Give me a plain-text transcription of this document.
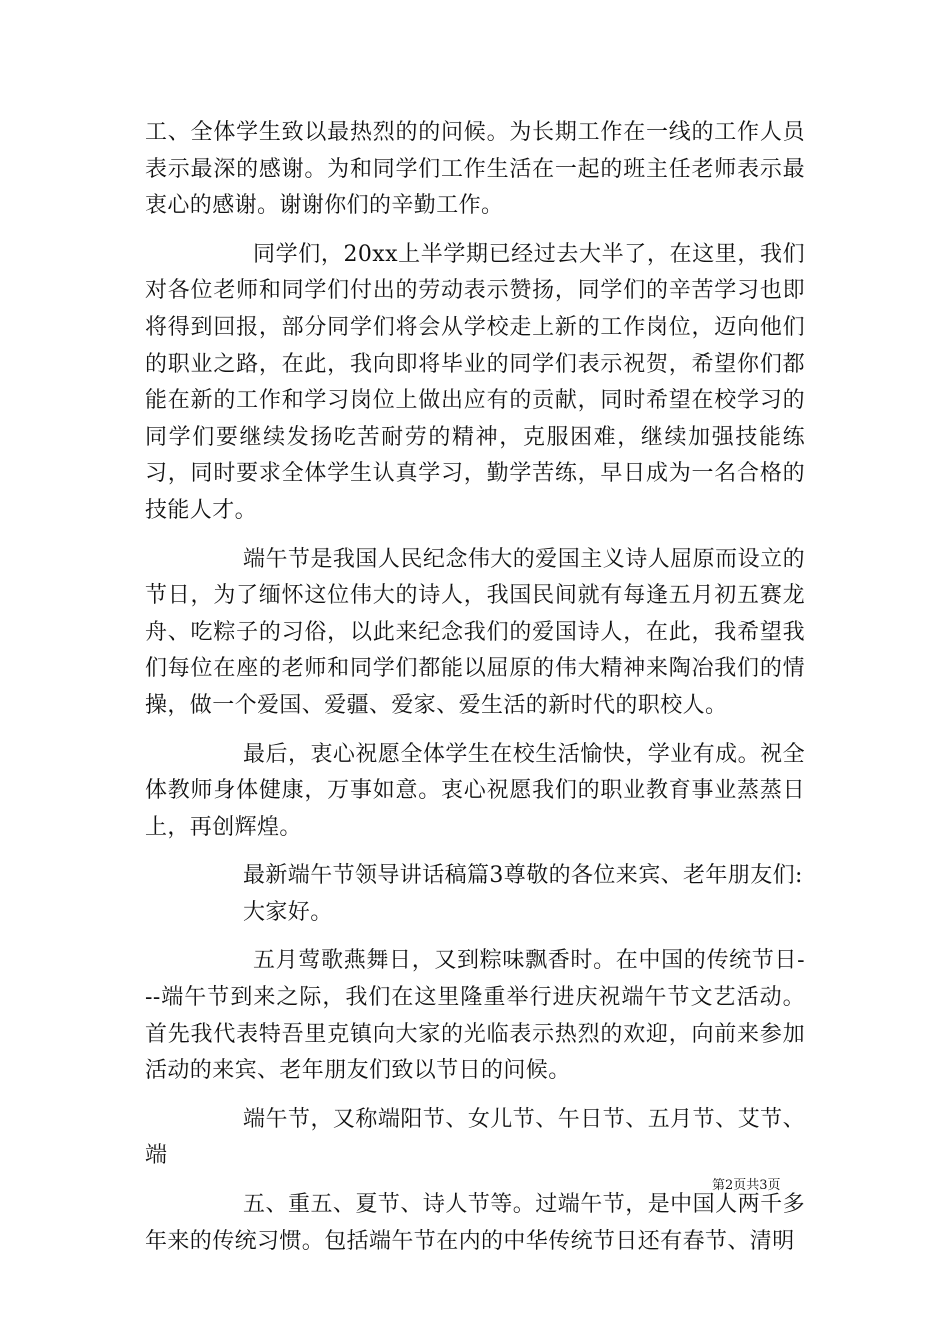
工、全体学生致以最热烈的的问候。为长期工作在一线的工作人员表示最深的感谢。为和同学们工作生活在一起的班主任老师表示最衷心的感谢。谢谢你们的辛勤工作。

同学们，20xx上半学期已经过去大半了，在这里，我们对各位老师和同学们付出的劳动表示赞扬，同学们的辛苦学习也即将得到回报，部分同学们将会从学校走上新的工作岗位，迈向他们的职业之路，在此，我向即将毕业的同学们表示祝贺，希望你们都能在新的工作和学习岗位上做出应有的贡献，同时希望在校学习的同学们要继续发扬吃苦耐劳的精神，克服困难，继续加强技能练习，同时要求全体学生认真学习，勤学苦练，早日成为一名合格的技能人才。

端午节是我国人民纪念伟大的爱国主义诗人屈原而设立的节日，为了缅怀这位伟大的诗人，我国民间就有每逢五月初五赛龙舟、吃粽子的习俗，以此来纪念我们的爱国诗人，在此，我希望我们每位在座的老师和同学们都能以屈原的伟大精神来陶冶我们的情操，做一个爱国、爱疆、爱家、爱生活的新时代的职校人。

最后，衷心祝愿全体学生在校生活愉快，学业有成。祝全体教师身体健康，万事如意。衷心祝愿我们的职业教育事业蒸蒸日上，再创辉煌。

最新端午节领导讲话稿篇3尊敬的各位来宾、老年朋友们:

大家好。

五月莺歌燕舞日，又到粽味飘香时。在中国的传统节日---端午节到来之际，我们在这里隆重举行进庆祝端午节文艺活动。首先我代表特吾里克镇向大家的光临表示热烈的欢迎，向前来参加活动的来宾、老年朋友们致以节日的问候。

端午节，又称端阳节、女儿节、午日节、五月节、艾节、端

五、重五、夏节、诗人节等。过端午节，是中国人两千多年来的传统习惯。包括端午节在内的中华传统节日还有春节、清明

第2页共3页
